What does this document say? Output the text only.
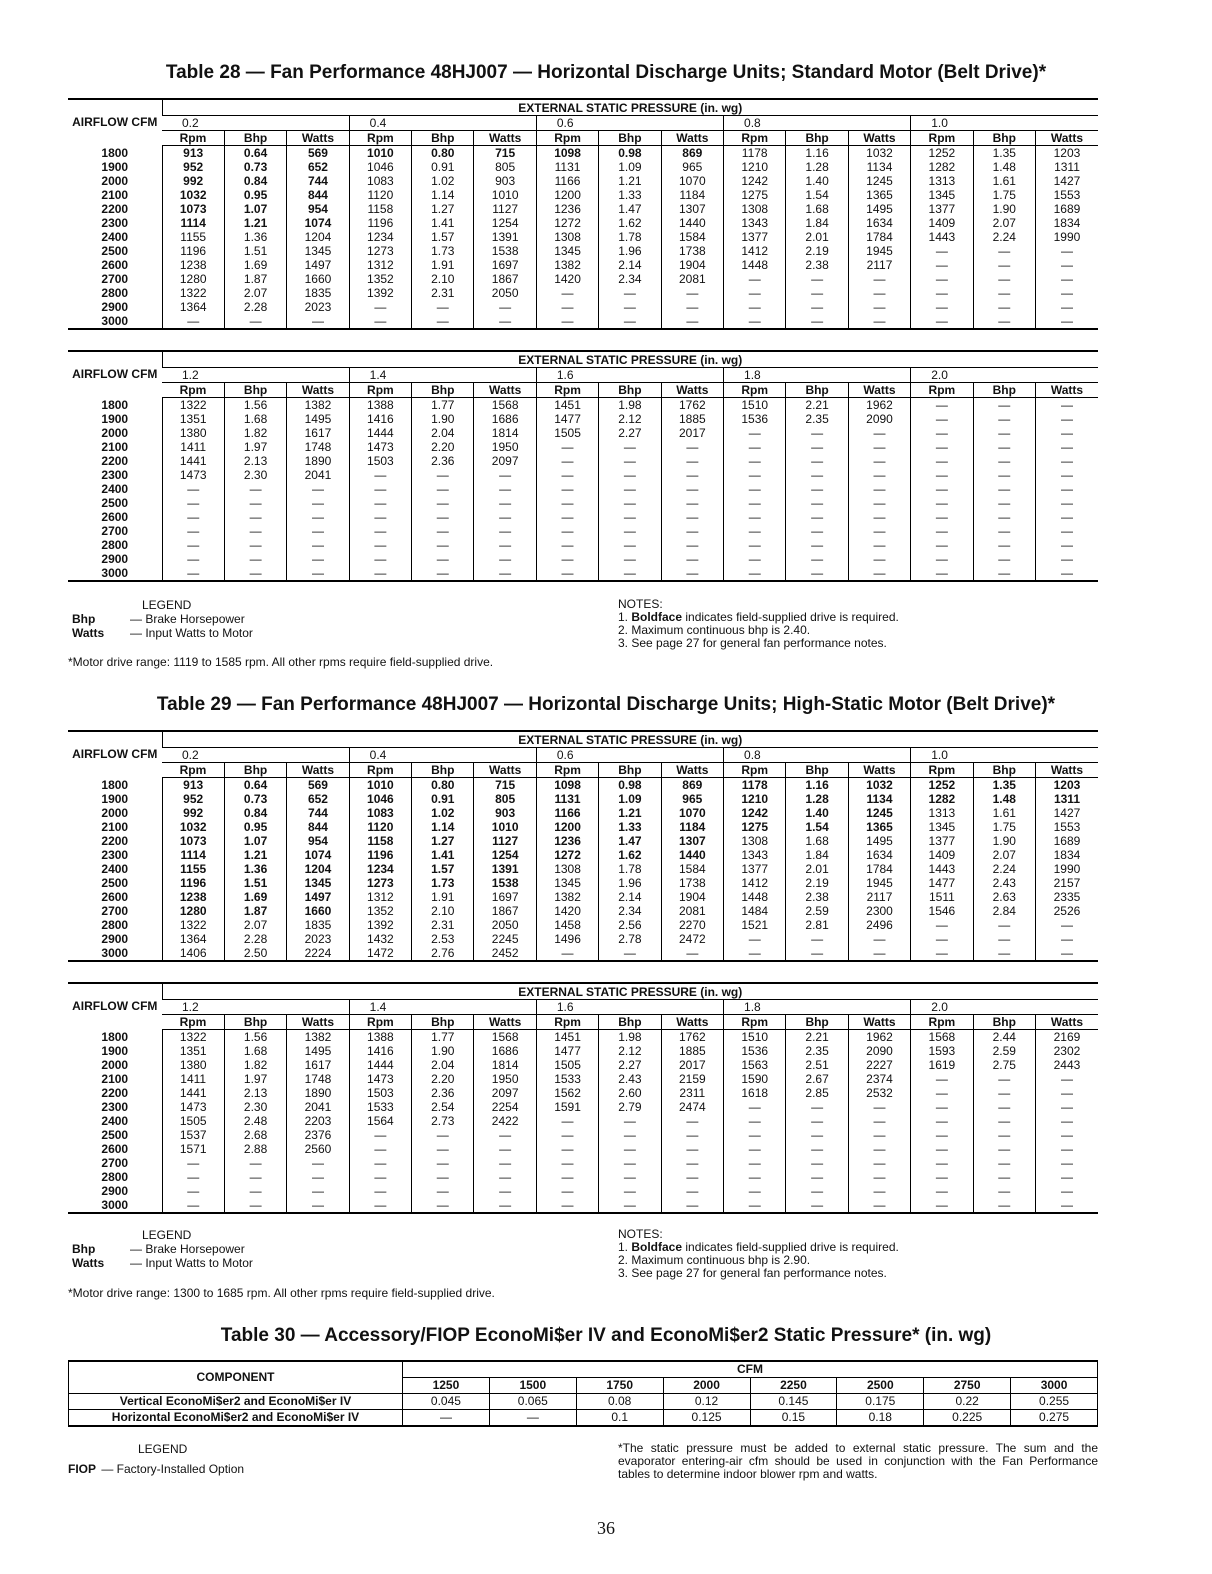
Table 28 — Fan Performance 48HJ007 — Horizontal Discharge Units; Standard Motor (Belt Drive)*
AIRFLOW CFM	EXTERNAL STATIC PRESSURE (in. wg)														
	0.2			0.4			0.6			0.8			1.0		
	Rpm	Bhp	Watts	Rpm	Bhp	Watts	Rpm	Bhp	Watts	Rpm	Bhp	Watts	Rpm	Bhp	Watts
1800	913	0.64	569	1010	0.80	715	1098	0.98	869	1178	1.16	1032	1252	1.35	1203
1900	952	0.73	652	1046	0.91	805	1131	1.09	965	1210	1.28	1134	1282	1.48	1311
2000	992	0.84	744	1083	1.02	903	1166	1.21	1070	1242	1.40	1245	1313	1.61	1427
2100	1032	0.95	844	1120	1.14	1010	1200	1.33	1184	1275	1.54	1365	1345	1.75	1553
2200	1073	1.07	954	1158	1.27	1127	1236	1.47	1307	1308	1.68	1495	1377	1.90	1689
2300	1114	1.21	1074	1196	1.41	1254	1272	1.62	1440	1343	1.84	1634	1409	2.07	1834
2400	1155	1.36	1204	1234	1.57	1391	1308	1.78	1584	1377	2.01	1784	1443	2.24	1990
2500	1196	1.51	1345	1273	1.73	1538	1345	1.96	1738	1412	2.19	1945	—	—	—
2600	1238	1.69	1497	1312	1.91	1697	1382	2.14	1904	1448	2.38	2117	—	—	—
2700	1280	1.87	1660	1352	2.10	1867	1420	2.34	2081	—	—	—	—	—	—
2800	1322	2.07	1835	1392	2.31	2050	—	—	—	—	—	—	—	—	—
2900	1364	2.28	2023	—	—	—	—	—	—	—	—	—	—	—	—
3000	—	—	—	—	—	—	—	—	—	—	—	—	—	—	—
AIRFLOW CFM	EXTERNAL STATIC PRESSURE (in. wg)														
	1.2			1.4			1.6			1.8			2.0		
	Rpm	Bhp	Watts	Rpm	Bhp	Watts	Rpm	Bhp	Watts	Rpm	Bhp	Watts	Rpm	Bhp	Watts
1800	1322	1.56	1382	1388	1.77	1568	1451	1.98	1762	1510	2.21	1962	—	—	—
1900	1351	1.68	1495	1416	1.90	1686	1477	2.12	1885	1536	2.35	2090	—	—	—
2000	1380	1.82	1617	1444	2.04	1814	1505	2.27	2017	—	—	—	—	—	—
2100	1411	1.97	1748	1473	2.20	1950	—	—	—	—	—	—	—	—	—
2200	1441	2.13	1890	1503	2.36	2097	—	—	—	—	—	—	—	—	—
2300	1473	2.30	2041	—	—	—	—	—	—	—	—	—	—	—	—
2400	—	—	—	—	—	—	—	—	—	—	—	—	—	—	—
2500	—	—	—	—	—	—	—	—	—	—	—	—	—	—	—
2600	—	—	—	—	—	—	—	—	—	—	—	—	—	—	—
2700	—	—	—	—	—	—	—	—	—	—	—	—	—	—	—
2800	—	—	—	—	—	—	—	—	—	—	—	—	—	—	—
2900	—	—	—	—	—	—	—	—	—	—	—	—	—	—	—
3000	—	—	—	—	—	—	—	—	—	—	—	—	—	—	—
LEGEND
Bhp	— Brake Horsepower
Watts — Input Watts to Motor
*Motor drive range: 1119 to 1585 rpm. All other rpms require field-supplied drive.
NOTES:
1. Boldface indicates field-supplied drive is required.
2. Maximum continuous bhp is 2.40.
3. See page 27 for general fan performance notes.
Table 29 — Fan Performance 48HJ007 — Horizontal Discharge Units; High-Static Motor (Belt Drive)*
AIRFLOW CFM	EXTERNAL STATIC PRESSURE (in. wg)														
	0.2			0.4			0.6			0.8			1.0		
	Rpm	Bhp	Watts	Rpm	Bhp	Watts	Rpm	Bhp	Watts	Rpm	Bhp	Watts	Rpm	Bhp	Watts
1800	913	0.64	569	1010	0.80	715	1098	0.98	869	1178	1.16	1032	1252	1.35	1203
1900	952	0.73	652	1046	0.91	805	1131	1.09	965	1210	1.28	1134	1282	1.48	1311
2000	992	0.84	744	1083	1.02	903	1166	1.21	1070	1242	1.40	1245	1313	1.61	1427
2100	1032	0.95	844	1120	1.14	1010	1200	1.33	1184	1275	1.54	1365	1345	1.75	1553
2200	1073	1.07	954	1158	1.27	1127	1236	1.47	1307	1308	1.68	1495	1377	1.90	1689
2300	1114	1.21	1074	1196	1.41	1254	1272	1.62	1440	1343	1.84	1634	1409	2.07	1834
2400	1155	1.36	1204	1234	1.57	1391	1308	1.78	1584	1377	2.01	1784	1443	2.24	1990
2500	1196	1.51	1345	1273	1.73	1538	1345	1.96	1738	1412	2.19	1945	1477	2.43	2157
2600	1238	1.69	1497	1312	1.91	1697	1382	2.14	1904	1448	2.38	2117	1511	2.63	2335
2700	1280	1.87	1660	1352	2.10	1867	1420	2.34	2081	1484	2.59	2300	1546	2.84	2526
2800	1322	2.07	1835	1392	2.31	2050	1458	2.56	2270	1521	2.81	2496	—	—	—
2900	1364	2.28	2023	1432	2.53	2245	1496	2.78	2472	—	—	—	—	—	—
3000	1406	2.50	2224	1472	2.76	2452	—	—	—	—	—	—	—	—	—
AIRFLOW CFM	EXTERNAL STATIC PRESSURE (in. wg)														
	1.2			1.4			1.6			1.8			2.0		
	Rpm	Bhp	Watts	Rpm	Bhp	Watts	Rpm	Bhp	Watts	Rpm	Bhp	Watts	Rpm	Bhp	Watts
1800	1322	1.56	1382	1388	1.77	1568	1451	1.98	1762	1510	2.21	1962	1568	2.44	2169
1900	1351	1.68	1495	1416	1.90	1686	1477	2.12	1885	1536	2.35	2090	1593	2.59	2302
2000	1380	1.82	1617	1444	2.04	1814	1505	2.27	2017	1563	2.51	2227	1619	2.75	2443
2100	1411	1.97	1748	1473	2.20	1950	1533	2.43	2159	1590	2.67	2374	—	—	—
2200	1441	2.13	1890	1503	2.36	2097	1562	2.60	2311	1618	2.85	2532	—	—	—
2300	1473	2.30	2041	1533	2.54	2254	1591	2.79	2474	—	—	—	—	—	—
2400	1505	2.48	2203	1564	2.73	2422	—	—	—	—	—	—	—	—	—
2500	1537	2.68	2376	—	—	—	—	—	—	—	—	—	—	—	—
2600	1571	2.88	2560	—	—	—	—	—	—	—	—	—	—	—	—
2700	—	—	—	—	—	—	—	—	—	—	—	—	—	—	—
2800	—	—	—	—	—	—	—	—	—	—	—	—	—	—	—
2900	—	—	—	—	—	—	—	—	—	—	—	—	—	—	—
3000	—	—	—	—	—	—	—	—	—	—	—	—	—	—	—
LEGEND
Bhp	— Brake Horsepower
Watts — Input Watts to Motor
*Motor drive range: 1300 to 1685 rpm. All other rpms require field-supplied drive.
NOTES:
1. Boldface indicates field-supplied drive is required.
2. Maximum continuous bhp is 2.90.
3. See page 27 for general fan performance notes.
Table 30 — Accessory/FIOP EconoMi$er IV and EconoMi$er2 Static Pressure* (in. wg)
COMPONENT	CFM							
	1250	1500	1750	2000	2250	2500	2750	3000
Vertical EconoMi$er2 and EconoMi$er IV	0.045	0.065	0.08	0.12	0.145	0.175	0.22	0.255
Horizontal EconoMi$er2 and EconoMi$er IV	—	—	0.1	0.125	0.15	0.18	0.225	0.275
LEGEND
FIOP — Factory-Installed Option
*The static pressure must be added to external static pressure. The sum and the evaporator entering-air cfm should be used in conjunction with the Fan Performance tables to determine indoor blower rpm and watts.
36
